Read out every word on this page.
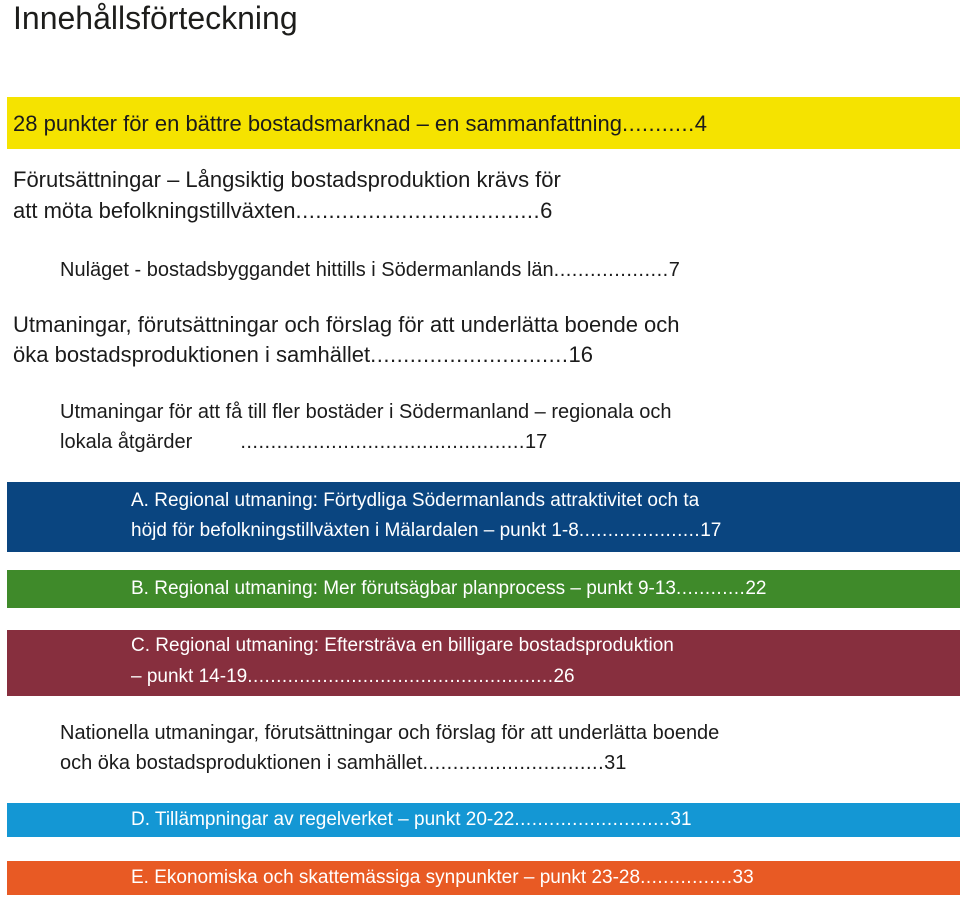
Innehållsförteckning
28 punkter för en bättre bostadsmarknad – en sammanfattning...........4
Förutsättningar – Långsiktig bostadsproduktion krävs för
att möta befolkningstillväxten.....................................6
Nuläget - bostadsbyggandet hittills i Södermanlands län...................7
Utmaningar, förutsättningar och förslag för att underlätta boende och
öka bostadsproduktionen i samhället..............................16
Utmaningar för att få till fler bostäder i Södermanland – regionala och
lokala åtgärder ...............................................17
A. Regional utmaning: Förtydliga Södermanlands attraktivitet och ta
höjd för befolkningstillväxten i Mälardalen – punkt 1-8.....................17
B. Regional utmaning: Mer förutsägbar planprocess – punkt 9-13............22
C. Regional utmaning: Eftersträva en billigare bostadsproduktion
– punkt 14-19.....................................................26
Nationella utmaningar, förutsättningar och förslag för att underlätta boende
och öka bostadsproduktionen i samhället..............................31
D. Tillämpningar av regelverket – punkt 20-22...........................31
E. Ekonomiska och skattemässiga synpunkter – punkt 23-28................33
